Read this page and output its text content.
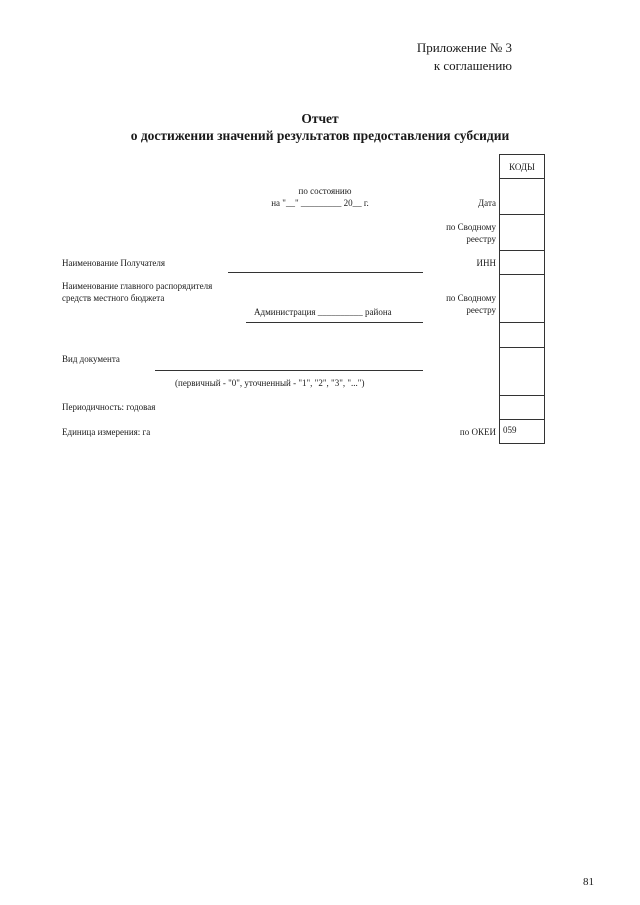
Приложение № 3
к соглашению
Отчет
о достижении значений результатов предоставления субсидии
КОДЫ
059
по состоянию
на "__" _________ 20__ г.	Дата
по Сводному
реестру
ИНН
по Сводному
реестру
по ОКЕИ
Наименование Получателя
Наименование главного распорядителя
средств местного бюджета
Администрация __________ района
Вид документа
(первичный - "0", уточненный - "1", "2", "3", "...")
Периодичность: годовая
Единица измерения: га
81
